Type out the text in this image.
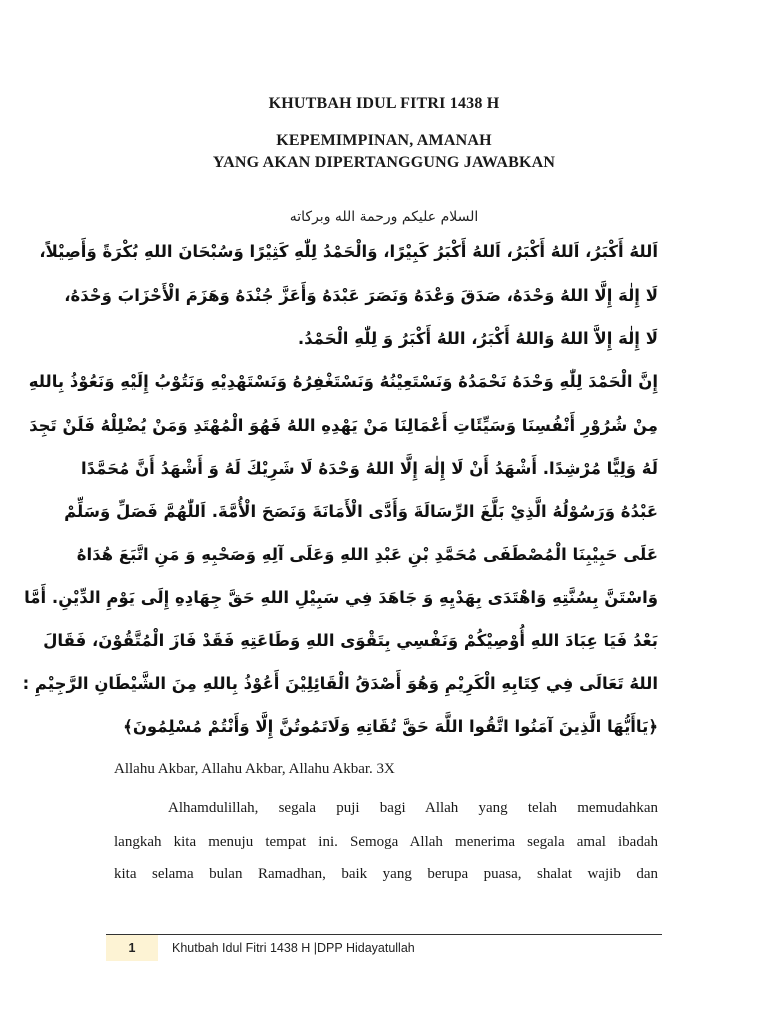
KHUTBAH IDUL FITRI 1438 H
KEPEMIMPINAN, AMANAH
YANG AKAN DIPERTANGGUNG JAWABKAN
السلام عليكم ورحمة الله وبركاته
اَللهُ أَكْبَرُ، اَللهُ أَكْبَرُ، اَللهُ أَكْبَرُ كَبِيْرًا، وَالْحَمْدُ لِلّٰهِ كَثِيْرًا وَسُبْحَانَ اللهِ بُكْرَةً وَأَصِيْلاً،
لَا إِلٰهَ إِلَّا اللهُ وَحْدَهُ، صَدَقَ وَعْدَهُ وَنَصَرَ عَبْدَهُ وَأَعَزَّ جُنْدَهُ وَهَزَمَ الْأَحْزَابَ وَحْدَهُ،
لَا إِلٰهَ إِلاَّ اللهُ وَاللهُ أَكْبَرُ، اللهُ أَكْبَرُ وَ لِلّٰهِ الْحَمْدُ.
إِنَّ الْحَمْدَ لِلّٰهِ وَحْدَهُ نَحْمَدُهُ وَنَسْتَعِيْنُهُ وَنَسْتَغْفِرُهُ وَنَسْتَهْدِيْهِ وَنَتُوْبُ إِلَيْهِ وَنَعُوْذُ بِاللهِ
مِنْ شُرُوْرِ أَنْفُسِنَا وَسَيِّئَاتِ أَعْمَالِنَا مَنْ يَهْدِهِ اللهُ فَهُوَ الْمُهْتَدِ وَمَنْ يُضْلِلْهُ فَلَنْ تَجِدَ
لَهُ وَلِيًّا مُرْشِدًا. أَشْهَدُ أَنْ لَا إِلٰهَ إِلَّا اللهُ وَحْدَهُ لَا شَرِيْكَ لَهُ وَ أَشْهَدُ أَنَّ مُحَمَّدًا
عَبْدُهُ وَرَسُوْلُهُ الَّذِيْ بَلَّغَ الرِّسَالَةَ وَأَدَّى الْأَمَانَةَ وَنَصَحَ الْأُمَّةَ. اَللّٰهُمَّ فَصَلِّ وَسَلِّمْ
عَلَى حَبِيْبِنَا الْمُصْطَفَى مُحَمَّدِ بْنِ عَبْدِ اللهِ وَعَلَى آلِهِ وَصَحْبِهِ وَ مَنِ اتَّبَعَ هُدَاهُ
وَاسْتَنَّ بِسُنَّتِهِ وَاهْتَدَى بِهَدْيِهِ وَ جَاهَدَ فِي سَبِيْلِ اللهِ حَقَّ جِهَادِهِ إِلَى يَوْمِ الدِّيْنِ. أَمَّا
بَعْدُ فَيَا عِبَادَ اللهِ أُوْصِيْكُمْ وَنَفْسِي بِتَقْوَى اللهِ وَطَاعَتِهِ فَقَدْ فَازَ الْمُتَّقُوْنَ، فَقَالَ
اللهُ تَعَالَى فِي كِتَابِهِ الْكَرِيْمِ وَهُوَ أَصْدَقُ الْقَائِلِيْنَ أَعُوْذُ بِاللهِ مِنَ الشَّيْطَانِ الرَّجِيْمِ :
﴿يَاأَيُّهَا الَّذِينَ آمَنُوا اتَّقُوا اللَّهَ حَقَّ تُقَاتِهِ وَلَاتَمُوتُنَّ إِلَّا وَأَنْتُمْ مُسْلِمُونَ﴾

Allahu Akbar, Allahu Akbar, Allahu Akbar. 3X

Alhamdulillah, segala puji bagi Allah yang telah memudahkan
langkah kita menuju tempat ini. Semoga Allah menerima segala amal ibadah
kita selama bulan Ramadhan, baik yang berupa puasa, shalat wajib dan
1	Khutbah Idul Fitri 1438 H |DPP Hidayatullah
